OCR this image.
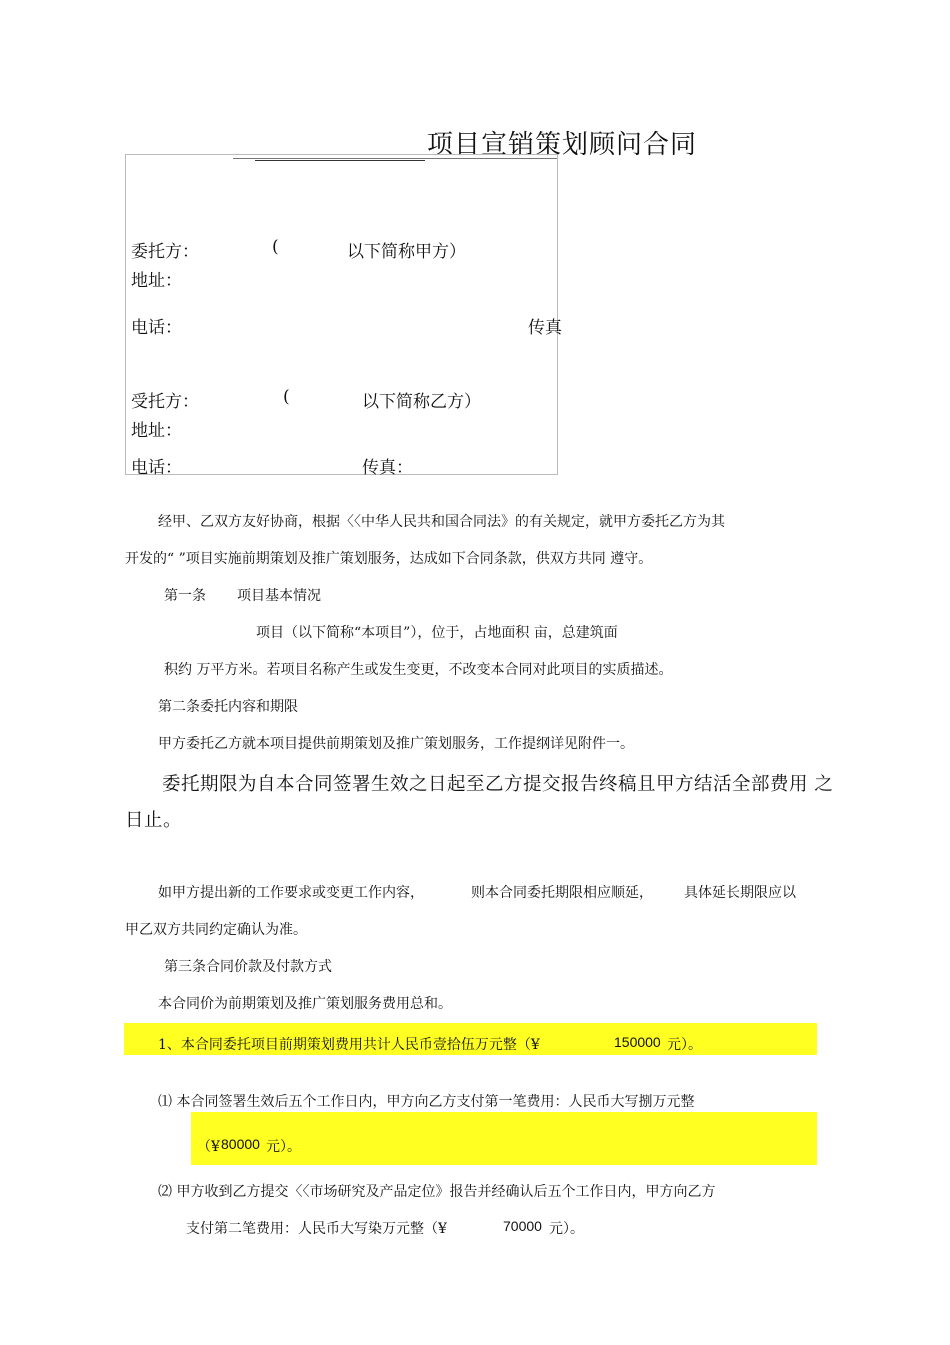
项目宣销策划顾问合同
委托方：	(	以下简称甲方）
地址：
电话：	传真
受托方：	(	以下简称乙方）
地址：
电话：	传真：
经甲、乙双方友好协商，根据〈〈中华人民共和国合同法》的有关规定，就甲方委托乙方为其
开发的“ ”项目实施前期策划及推广策划服务，达成如下合同条款，供双方共同 遵守。
第一条 项目基本情况
项目（以下简称“本项目”），位于，占地面积 亩，总建筑面
积约 万平方米。若项目名称产生或发生变更，不改变本合同对此项目的实质描述。
第二条委托内容和期限
甲方委托乙方就本项目提供前期策划及推广策划服务，工作提纲详见附件一。
委托期限为自本合同签署生效之日起至乙方提交报告终稿且甲方结活全部费用 之
日止。
如甲方提出新的工作要求或变更工作内容，	则本合同委托期限相应顺延， 具体延长期限应以
甲乙双方共同约定确认为准。
第三条合同价款及付款方式
本合同价为前期策划及推广策划服务费用总和。
1、本合同委托项目前期策划费用共计人民币壹拾伍万元整（¥	150000 元）。
⑴ 本合同签署生效后五个工作日内，甲方向乙方支付第一笔费用：人民币大写捌万元整
（¥ 80000 元）。
⑵ 甲方收到乙方提交〈〈市场研究及产品定位》报告并经确认后五个工作日内，甲方向乙方
支付第二笔费用：人民币大写染万元整（¥	70000 元）。
